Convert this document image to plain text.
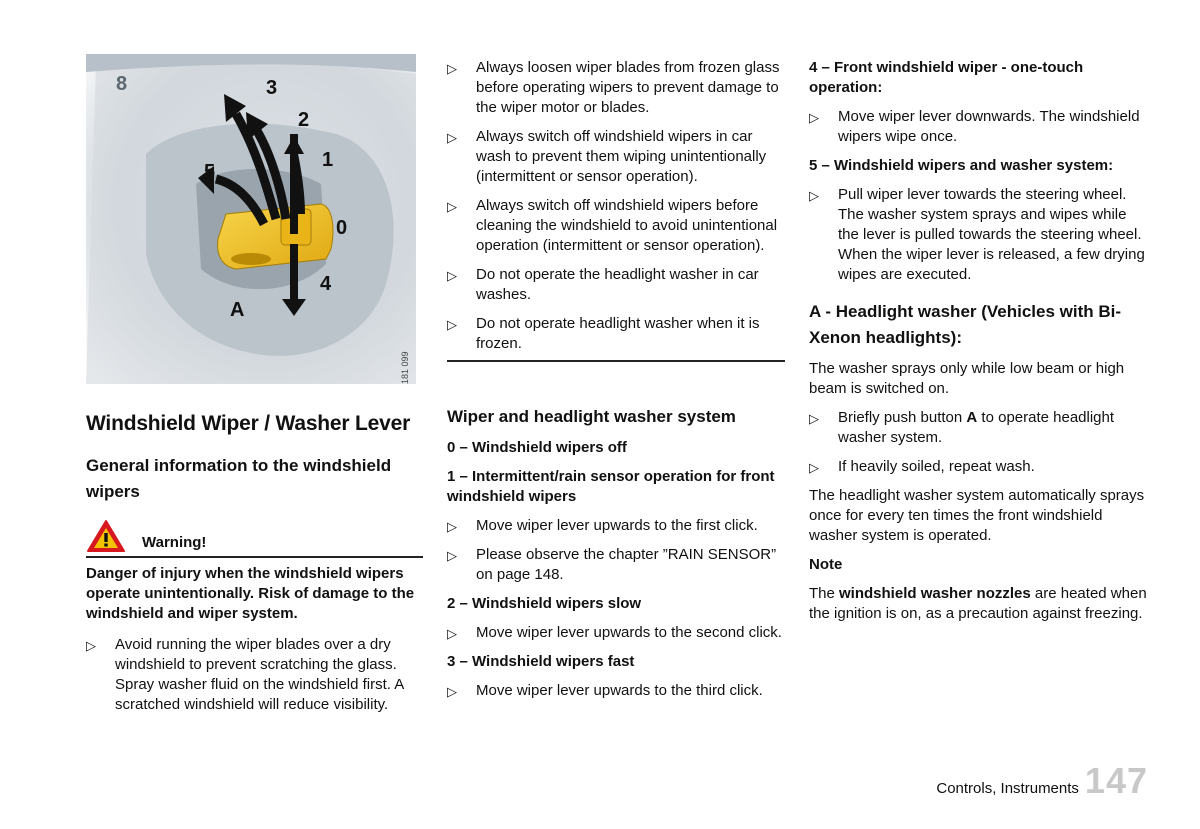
8	3
2
1
5
0
4
A
181 099
Windshield Wiper / Washer Lever
General information to the windshield wipers
Warning!

Danger of injury when the windshield wipers operate unintentionally. Risk of damage to the windshield and wiper system.

▷ Avoid running the wiper blades over a dry windshield to prevent scratching the glass. Spray washer fluid on the windshield first. A scratched windshield will reduce visibility.
▷ Always loosen wiper blades from frozen glass before operating wipers to prevent damage to the wiper motor or blades.
▷ Always switch off windshield wipers in car wash to prevent them wiping unintentionally (intermittent or sensor operation).
▷ Always switch off windshield wipers before cleaning the windshield to avoid unintentional operation (intermittent or sensor operation).
▷ Do not operate the headlight washer in car washes.
▷ Do not operate headlight washer when it is frozen.
Wiper and headlight washer system
0 – Windshield wipers off
1 – Intermittent/rain sensor operation for front windshield wipers
▷ Move wiper lever upwards to the first click.
▷ Please observe the chapter ”RAIN SENSOR” on page 148.
2 – Windshield wipers slow
▷ Move wiper lever upwards to the second click.
3 – Windshield wipers fast
▷ Move wiper lever upwards to the third click.
4 – Front windshield wiper - one-touch operation:
▷ Move wiper lever downwards. The windshield wipers wipe once.
5 – Windshield wipers and washer system:
▷ Pull wiper lever towards the steering wheel. The washer system sprays and wipes while the lever is pulled towards the steering wheel. When the wiper lever is released, a few drying wipes are executed.
A - Headlight washer (Vehicles with Bi-Xenon headlights):

The washer sprays only while low beam or high beam is switched on.

▷ Briefly push button A to operate headlight washer system.
▷ If heavily soiled, repeat wash.

The headlight washer system automatically sprays once for every ten times the front windshield washer system is operated.

Note

The windshield washer nozzles are heated when the ignition is on, as a precaution against freezing.

Controls, Instruments 147
